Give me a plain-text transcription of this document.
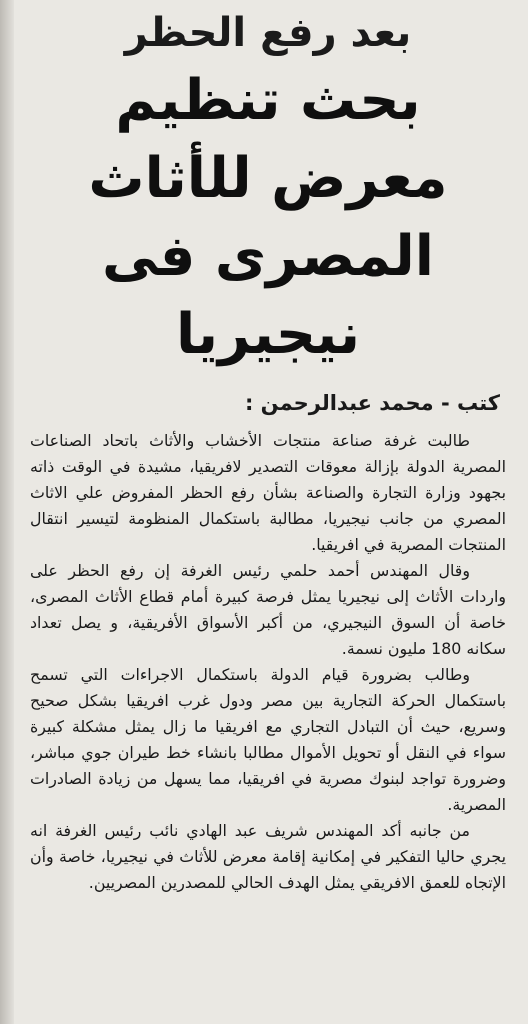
بعد رفع الحظر
بحث تنظيم معرض للأثاث المصرى فى نيجيريا
كتب - محمد عبدالرحمن :

طالبت غرفة صناعة منتجات الأخشاب والأثاث باتحاد الصناعات المصرية الدولة بإزالة معوقات التصدير لافريقيا، مشيدة في الوقت ذاته بجهود وزارة التجارة والصناعة بشأن رفع الحظر المفروض علي الاثاث المصري من جانب نيجيريا، مطالبة باستكمال المنظومة لتيسير انتقال المنتجات المصرية في افريقيا.

وقال المهندس أحمد حلمي رئيس الغرفة إن رفع الحظر على واردات الأثاث إلى نيجيريا يمثل فرصة كبيرة أمام قطاع الأثاث المصرى، خاصة أن السوق النيجيري، من أكبر الأسواق الأفريقية، و يصل تعداد سكانه 180 مليون نسمة.

وطالب بضرورة قيام الدولة باستكمال الاجراءات التي تسمح باستكمال الحركة التجارية بين مصر ودول غرب افريقيا بشكل صحيح وسريع، حيث أن التبادل التجاري مع افريقيا ما زال يمثل مشكلة كبيرة سواء في النقل أو تحويل الأموال مطالبا بانشاء خط طيران جوي مباشر، وضرورة تواجد لبنوك مصرية في افريقيا، مما يسهل من زيادة الصادرات المصرية.

من جانبه أكد المهندس شريف عبد الهادي نائب رئيس الغرفة انه يجري حاليا التفكير في إمكانية إقامة معرض للأثاث في نيجيريا، خاصة وأن الإتجاه للعمق الافريقي يمثل الهدف الحالي للمصدرين المصريين.
